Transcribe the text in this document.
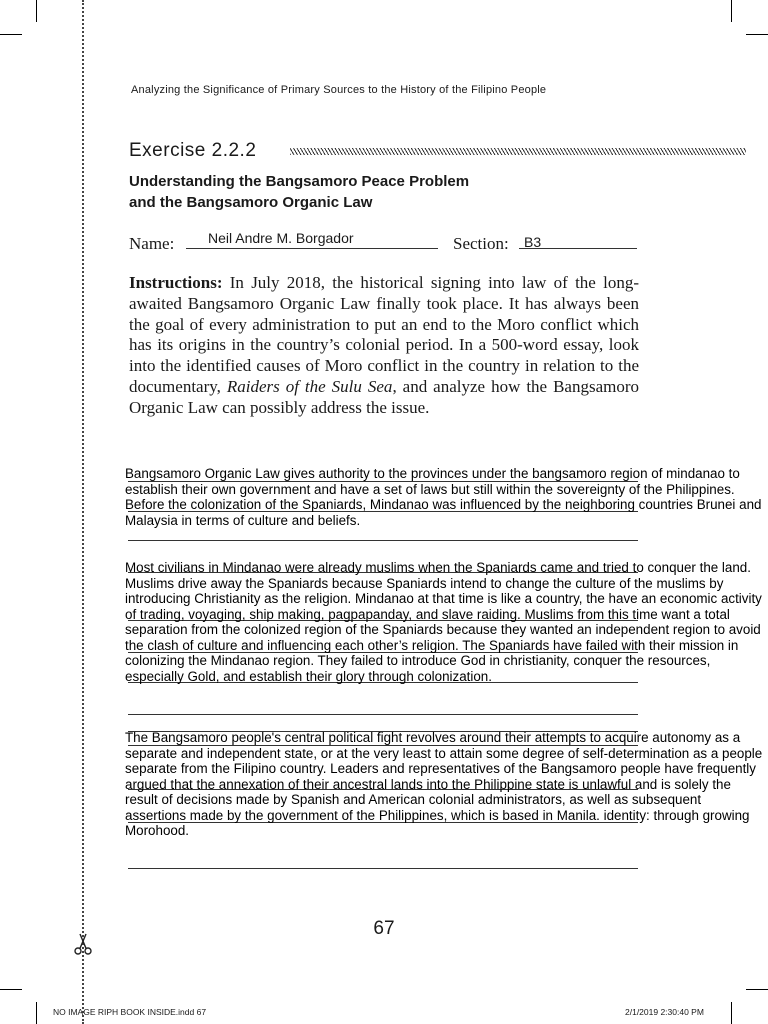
Analyzing the Significance of Primary Sources to the History of the Filipino People
Exercise 2.2.2
Understanding the Bangsamoro Peace Problem
and the Bangsamoro Organic Law
Name: Neil Andre M. Borgador	Section: B3
Instructions: In July 2018, the historical signing into law of the long-awaited Bangsamoro Organic Law finally took place. It has always been the goal of every administration to put an end to the Moro conflict which has its origins in the country’s colonial period. In a 500-word essay, look into the identified causes of Moro conflict in the country in relation to the documentary, Raiders of the Sulu Sea, and analyze how the Bangsamoro Organic Law can possibly address the issue.

Bangsamoro Organic Law gives authority to the provinces under the bangsamoro region of mindanao to establish their own government and have a set of laws but still within the sovereignty of the Philippines. Before the colonization of the Spaniards, Mindanao was influenced by the neighboring countries Brunei and Malaysia in terms of culture and beliefs.

Most civilians in Mindanao were already muslims when the Spaniards came and tried to conquer the land. Muslims drive away the Spaniards because Spaniards intend to change the culture of the muslims by introducing Christianity as the religion. Mindanao at that time is like a country, the have an economic activity of trading, voyaging, ship making, pagpapanday, and slave raiding. Muslims from this time want a total separation from the colonized region of the Spaniards because they wanted an independent region to avoid the clash of culture and influencing each other’s religion. The Spaniards have failed with their mission in colonizing the Mindanao region. They failed to introduce God in christianity, conquer the resources, especially Gold, and establish their glory through colonization.

The Bangsamoro people's central political fight revolves around their attempts to acquire autonomy as a separate and independent state, or at the very least to attain some degree of self-determination as a people separate from the Filipino country. Leaders and representatives of the Bangsamoro people have frequently argued that the annexation of their ancestral lands into the Philippine state is unlawful and is solely the result of decisions made by Spanish and American colonial administrators, as well as subsequent assertions made by the government of the Philippines, which is based in Manila. identity: through growing Morohood.

67
NO IMAGE RIPH BOOK INSIDE.indd 67	2/1/2019 2:30:40 PM
